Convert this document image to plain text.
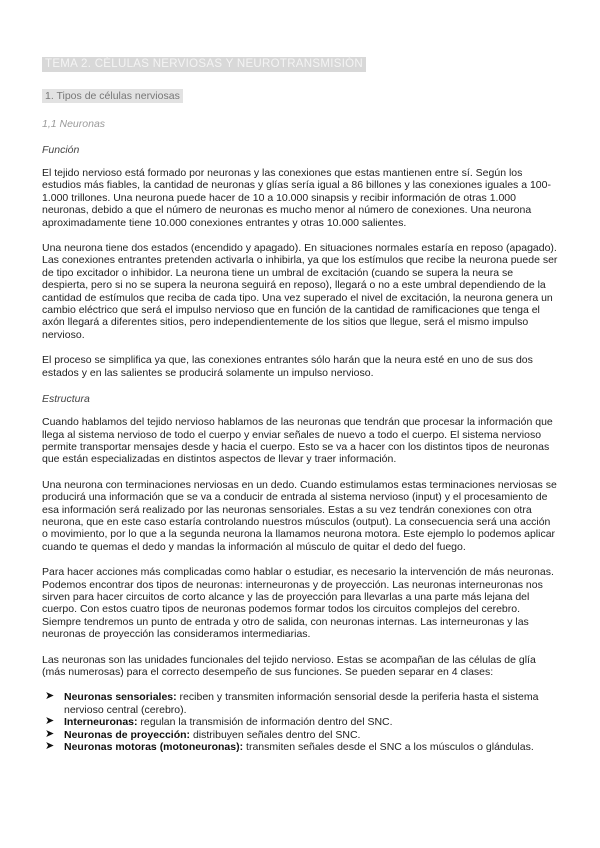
TEMA 2. CÉLULAS NERVIOSAS Y NEUROTRANSMISIÓN
1. Tipos de células nerviosas
1,1 Neuronas
Función

El tejido nervioso está formado por neuronas y las conexiones que estas mantienen entre sí. Según los estudios más fiables, la cantidad de neuronas y glías sería igual a 86 billones y las conexiones iguales a 100-1.000 trillones. Una neurona puede hacer de 10 a 10.000 sinapsis y recibir información de otras 1.000 neuronas, debido a que el número de neuronas es mucho menor al número de conexiones. Una neurona aproximadamente tiene 10.000 conexiones entrantes y otras 10.000 salientes.

Una neurona tiene dos estados (encendido y apagado). En situaciones normales estaría en reposo (apagado). Las conexiones entrantes pretenden activarla o inhibirla, ya que los estímulos que recibe la neurona puede ser de tipo excitador o inhibidor. La neurona tiene un umbral de excitación (cuando se supera la neura se despierta, pero si no se supera la neurona seguirá en reposo), llegará o no a este umbral dependiendo de la cantidad de estímulos que reciba de cada tipo. Una vez superado el nivel de excitación, la neurona genera un cambio eléctrico que será el impulso nervioso que en función de la cantidad de ramificaciones que tenga el axón llegará a diferentes sitios, pero independientemente de los sitios que llegue, será el mismo impulso nervioso.

El proceso se simplifica ya que, las conexiones entrantes sólo harán que la neura esté en uno de sus dos estados y en las salientes se producirá solamente un impulso nervioso.

Estructura

Cuando hablamos del tejido nervioso hablamos de las neuronas que tendrán que procesar la información que llega al sistema nervioso de todo el cuerpo y enviar señales de nuevo a todo el cuerpo. El sistema nervioso permite transportar mensajes desde y hacia el cuerpo. Esto se va a hacer con los distintos tipos de neuronas que están especializadas en distintos aspectos de llevar y traer información.

Una neurona con terminaciones nerviosas en un dedo. Cuando estimulamos estas terminaciones nerviosas se producirá una información que se va a conducir de entrada al sistema nervioso (input) y el procesamiento de esa información será realizado por las neuronas sensoriales. Estas a su vez tendrán conexiones con otra neurona, que en este caso estaría controlando nuestros músculos (output). La consecuencia será una acción o movimiento, por lo que a la segunda neurona la llamamos neurona motora. Este ejemplo lo podemos aplicar cuando te quemas el dedo y mandas la información al músculo de quitar el dedo del fuego.

Para hacer acciones más complicadas como hablar o estudiar, es necesario la intervención de más neuronas. Podemos encontrar dos tipos de neuronas: interneuronas y de proyección. Las neuronas interneuronas nos sirven para hacer circuitos de corto alcance y las de proyección para llevarlas a una parte más lejana del cuerpo. Con estos cuatro tipos de neuronas podemos formar todos los circuitos complejos del cerebro. Siempre tendremos un punto de entrada y otro de salida, con neuronas internas. Las interneuronas y las neuronas de proyección las consideramos intermediarias.

Las neuronas son las unidades funcionales del tejido nervioso. Estas se acompañan de las células de glía (más numerosas) para el correcto desempeño de sus funciones. Se pueden separar en 4 clases:

➤ Neuronas sensoriales: reciben y transmiten información sensorial desde la periferia hasta el sistema nervioso central (cerebro).
➤ Interneuronas: regulan la transmisión de información dentro del SNC.
➤ Neuronas de proyección: distribuyen señales dentro del SNC.
➤ Neuronas motoras (motoneuronas): transmiten señales desde el SNC a los músculos o glándulas.
